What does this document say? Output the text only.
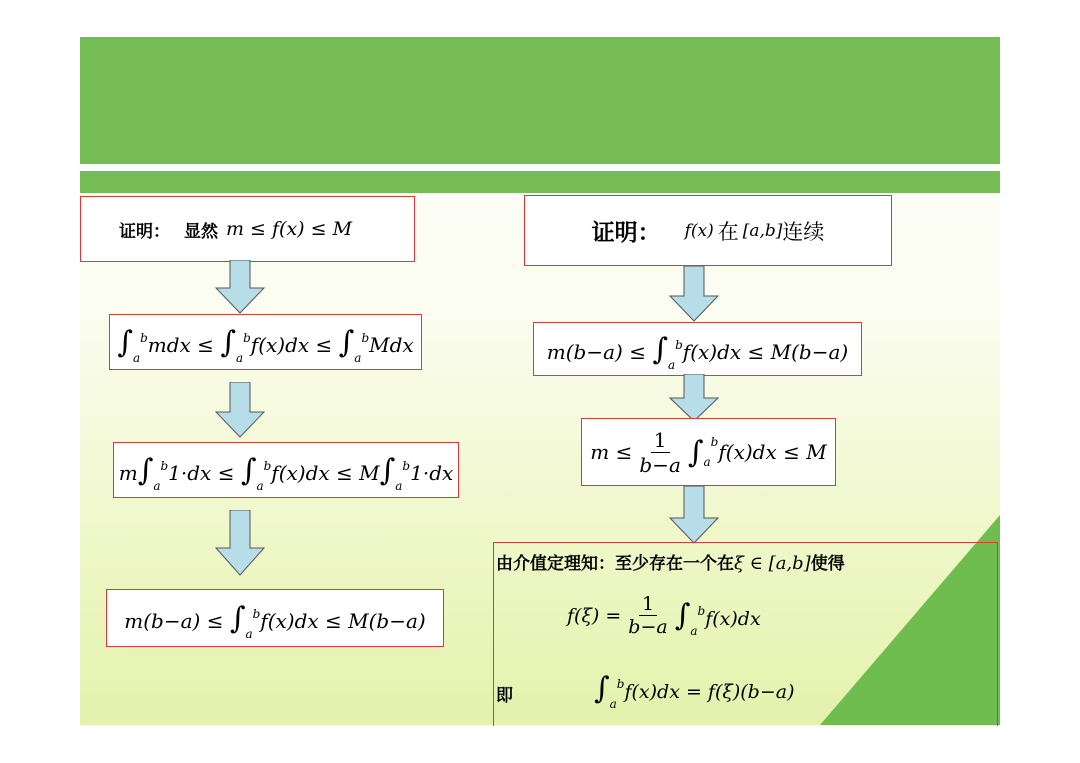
证明： 显然 m ≤ f(x) ≤ M
$\int_a^bmdx \le \int_a^bf(x)dx \le \int_a^bMdx$
$m\int_a^b1\cdot dx \le \int_a^bf(x)dx \le M\int_a^b1\cdot dx$
$m(b-a) \le \int_a^bf(x)dx \le M(b-a)$
证明： f(x) 在 [a,b] 连续
$m(b-a) \le \int_a^bf(x)dx \le M(b-a)$
$m \le \frac{1}{b-a}$ ∫ a
b f(x)dx ≤ M
由介值定理知：至少存在一个在ξ ∈ [a,b]使得
$f(\xi) = \frac{1}{b-a} \int_a^bf(x)dx$
即	$\int_a^bf(x)dx = f(\xi)(b-a)$
